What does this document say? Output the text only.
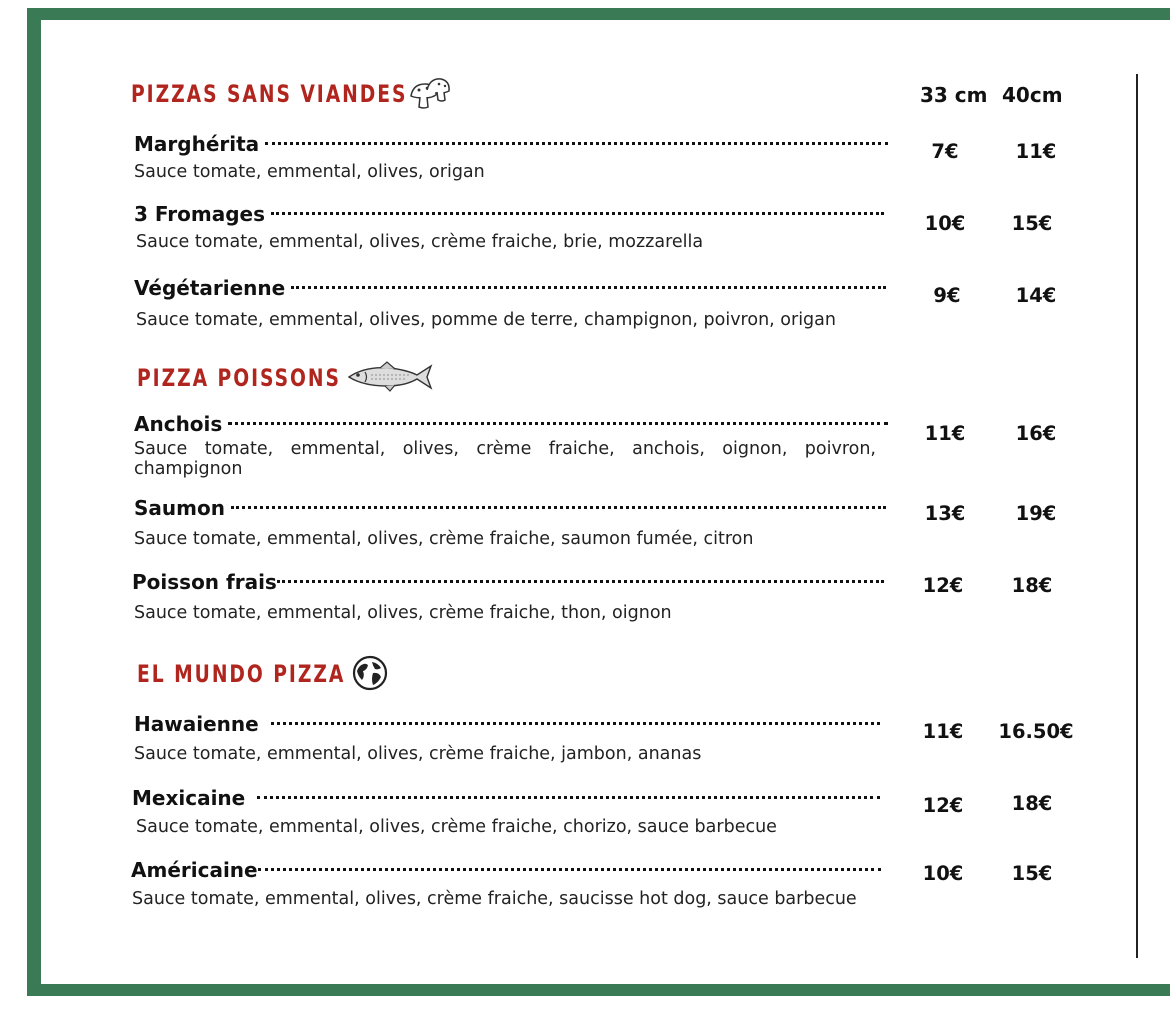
33 cm 40cm
PIZZAS SANS VIANDES
Marghérita
Sauce tomate, emmental, olives, origan
7€	11€
3 Fromages
Sauce tomate, emmental, olives, crème fraiche, brie, mozzarella
10€	15€
Végétarienne
Sauce tomate, emmental, olives, pomme de terre, champignon, poivron, origan
9€	14€
PIZZA POISSONS
Anchois
Sauce tomate, emmental, olives, crème fraiche, anchois, oignon, poivron, champignon
11€	16€
Saumon
Sauce tomate, emmental, olives, crème fraiche, saumon fumée, citron
13€	19€
Poisson frais
Sauce tomate, emmental, olives, crème fraiche, thon, oignon
12€	18€
EL MUNDO PIZZA
Hawaienne
Sauce tomate, emmental, olives, crème fraiche, jambon, ananas
11€	16.50€
Mexicaine
Sauce tomate, emmental, olives, crème fraiche, chorizo, sauce barbecue
12€	18€
Américaine
Sauce tomate, emmental, olives, crème fraiche, saucisse hot dog, sauce barbecue
10€	15€
